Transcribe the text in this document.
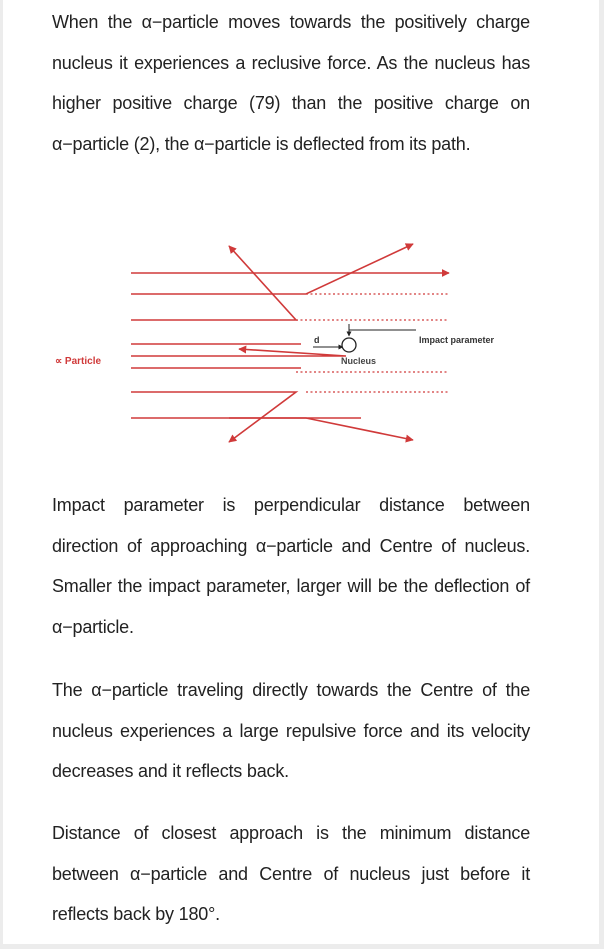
When the α−particle moves towards the positively charge nucleus it experiences a reclusive force. As the nucleus has higher positive charge (79) than the positive charge on α−particle (2), the α−particle is deflected from its path.

∝ Particle	Nucleus
Impact parameter
d

Impact parameter is perpendicular distance between direction of approaching α−particle and Centre of nucleus. Smaller the impact parameter, larger will be the deflection of α−particle.

The α−particle traveling directly towards the Centre of the nucleus experiences a large repulsive force and its velocity decreases and it reflects back.

Distance of closest approach is the minimum distance between α−particle and Centre of nucleus just before it reflects back by 180°.
